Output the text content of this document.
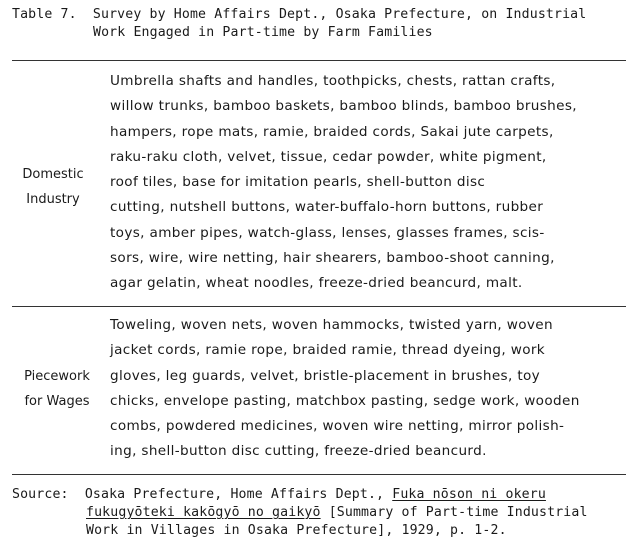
Table 7.  Survey by Home Affairs Dept., Osaka Prefecture, on Industrial
Work Engaged in Part-time by Farm Families
Domestic
Industry
Umbrella shafts and handles, toothpicks, chests, rattan crafts,
willow trunks, bamboo baskets, bamboo blinds, bamboo brushes,
hampers, rope mats, ramie, braided cords, Sakai jute carpets,
raku-raku cloth, velvet, tissue, cedar powder, white pigment,
roof tiles, base for imitation pearls, shell-button disc
cutting, nutshell buttons, water-buffalo-horn buttons, rubber
toys, amber pipes, watch-glass, lenses, glasses frames, scis-
sors, wire, wire netting, hair shearers, bamboo-shoot canning,
agar gelatin, wheat noodles, freeze-dried beancurd, malt.
Piecework
for Wages
Toweling, woven nets, woven hammocks, twisted yarn, woven
jacket cords, ramie rope, braided ramie, thread dyeing, work
gloves, leg guards, velvet, bristle-placement in brushes, toy
chicks, envelope pasting, matchbox pasting, sedge work, wooden
combs, powdered medicines, woven wire netting, mirror polish-
ing, shell-button disc cutting, freeze-dried beancurd.
Source: Osaka Prefecture, Home Affairs Dept., Fuka nōson ni okeru
fukugyōteki kakōgyō no gaikyō [Summary of Part-time Industrial
Work in Villages in Osaka Prefecture], 1929, p. 1-2.
